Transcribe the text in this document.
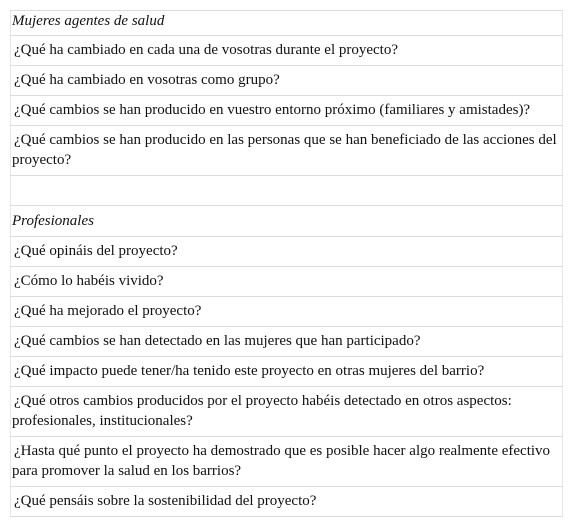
Mujeres agentes de salud
¿Qué ha cambiado en cada una de vosotras durante el proyecto?
¿Qué ha cambiado en vosotras como grupo?
¿Qué cambios se han producido en vuestro entorno próximo (familiares y amistades)?
¿Qué cambios se han producido en las personas que se han beneficiado de las acciones del proyecto?

Profesionales
¿Qué opináis del proyecto?
¿Cómo lo habéis vivido?
¿Qué ha mejorado el proyecto?
¿Qué cambios se han detectado en las mujeres que han participado?
¿Qué impacto puede tener/ha tenido este proyecto en otras mujeres del barrio?
¿Qué otros cambios producidos por el proyecto habéis detectado en otros aspectos: profesionales, institucionales?
¿Hasta qué punto el proyecto ha demostrado que es posible hacer algo realmente efectivo para promover la salud en los barrios?
¿Qué pensáis sobre la sostenibilidad del proyecto?
